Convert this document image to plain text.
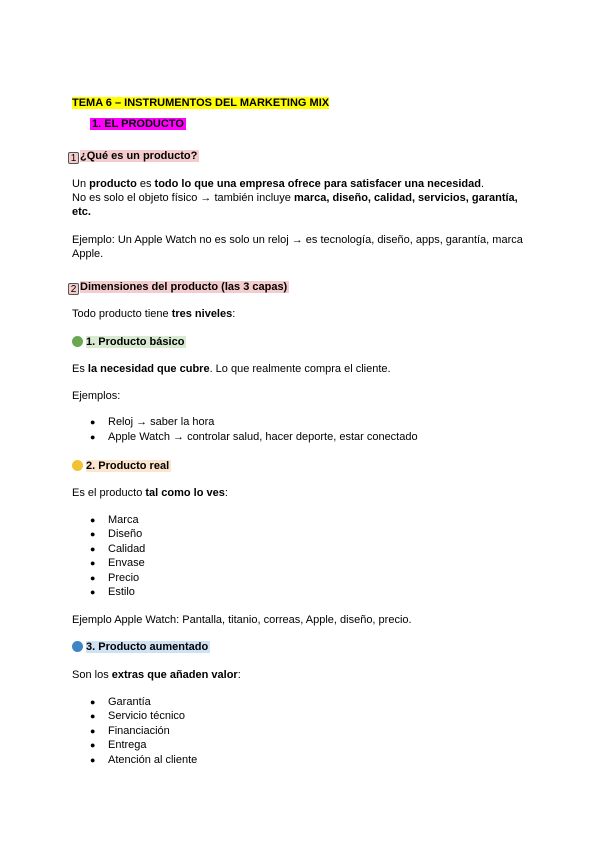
TEMA 6 – INSTRUMENTOS DEL MARKETING MIX
1. EL PRODUCTO
1 ¿Qué es un producto?
Un producto es todo lo que una empresa ofrece para satisfacer una necesidad.
No es solo el objeto físico → también incluye marca, diseño, calidad, servicios, garantía,
etc.
Ejemplo: Un Apple Watch no es solo un reloj → es tecnología, diseño, apps, garantía, marca
Apple.
2 Dimensiones del producto (las 3 capas)
Todo producto tiene tres niveles:
1. Producto básico
Es la necesidad que cubre. Lo que realmente compra el cliente.
Ejemplos:
● Reloj → saber la hora
● Apple Watch → controlar salud, hacer deporte, estar conectado
2. Producto real
Es el producto tal como lo ves:
● Marca
● Diseño
● Calidad
● Envase
● Precio
● Estilo
Ejemplo Apple Watch: Pantalla, titanio, correas, Apple, diseño, precio.
3. Producto aumentado
Son los extras que añaden valor:
● Garantía
● Servicio técnico
● Financiación
● Entrega
● Atención al cliente
